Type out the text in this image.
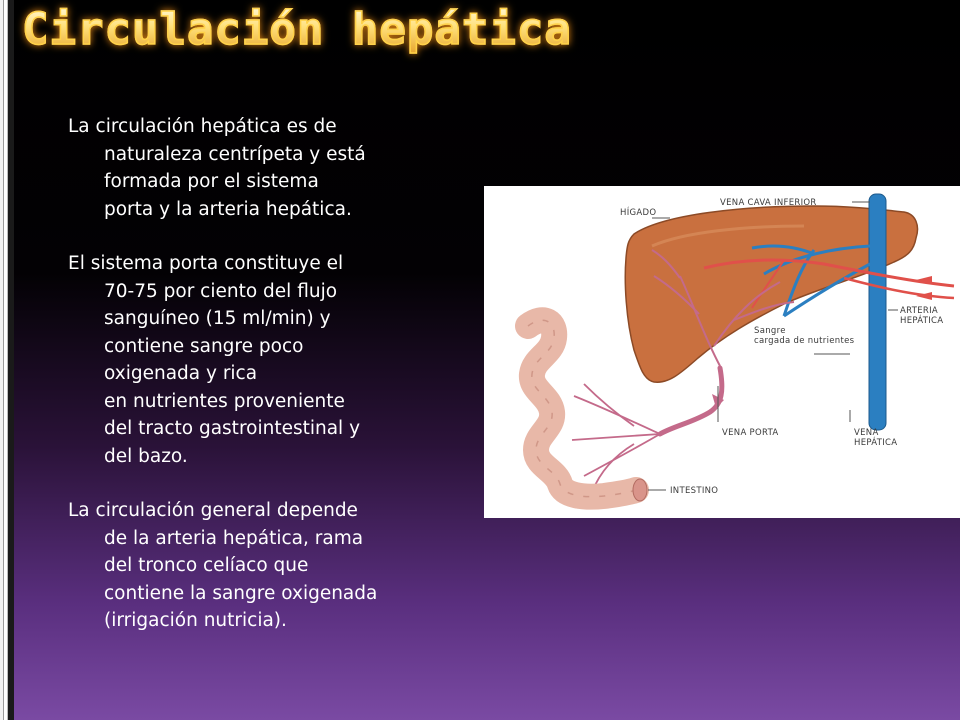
Circulación hepática

La circulación hepática es de
naturaleza centrípeta y está
formada por el sistema
porta y la arteria hepática.

El sistema porta constituye el
70-75 por ciento del flujo
sanguíneo (15 ml/min) y
contiene sangre poco
oxigenada y rica
en nutrientes proveniente
del tracto gastrointestinal y
del bazo.

La circulación general depende
de la arteria hepática, rama
del tronco celíaco que
contiene la sangre oxigenada
(irrigación nutricia).

HÍGADO
VENA CAVA INFERIOR
ARTERIA
HEPÁTICA
Sangre
cargada de nutrientes
VENA PORTA	VENA
HEPÁTICA
INTESTINO
